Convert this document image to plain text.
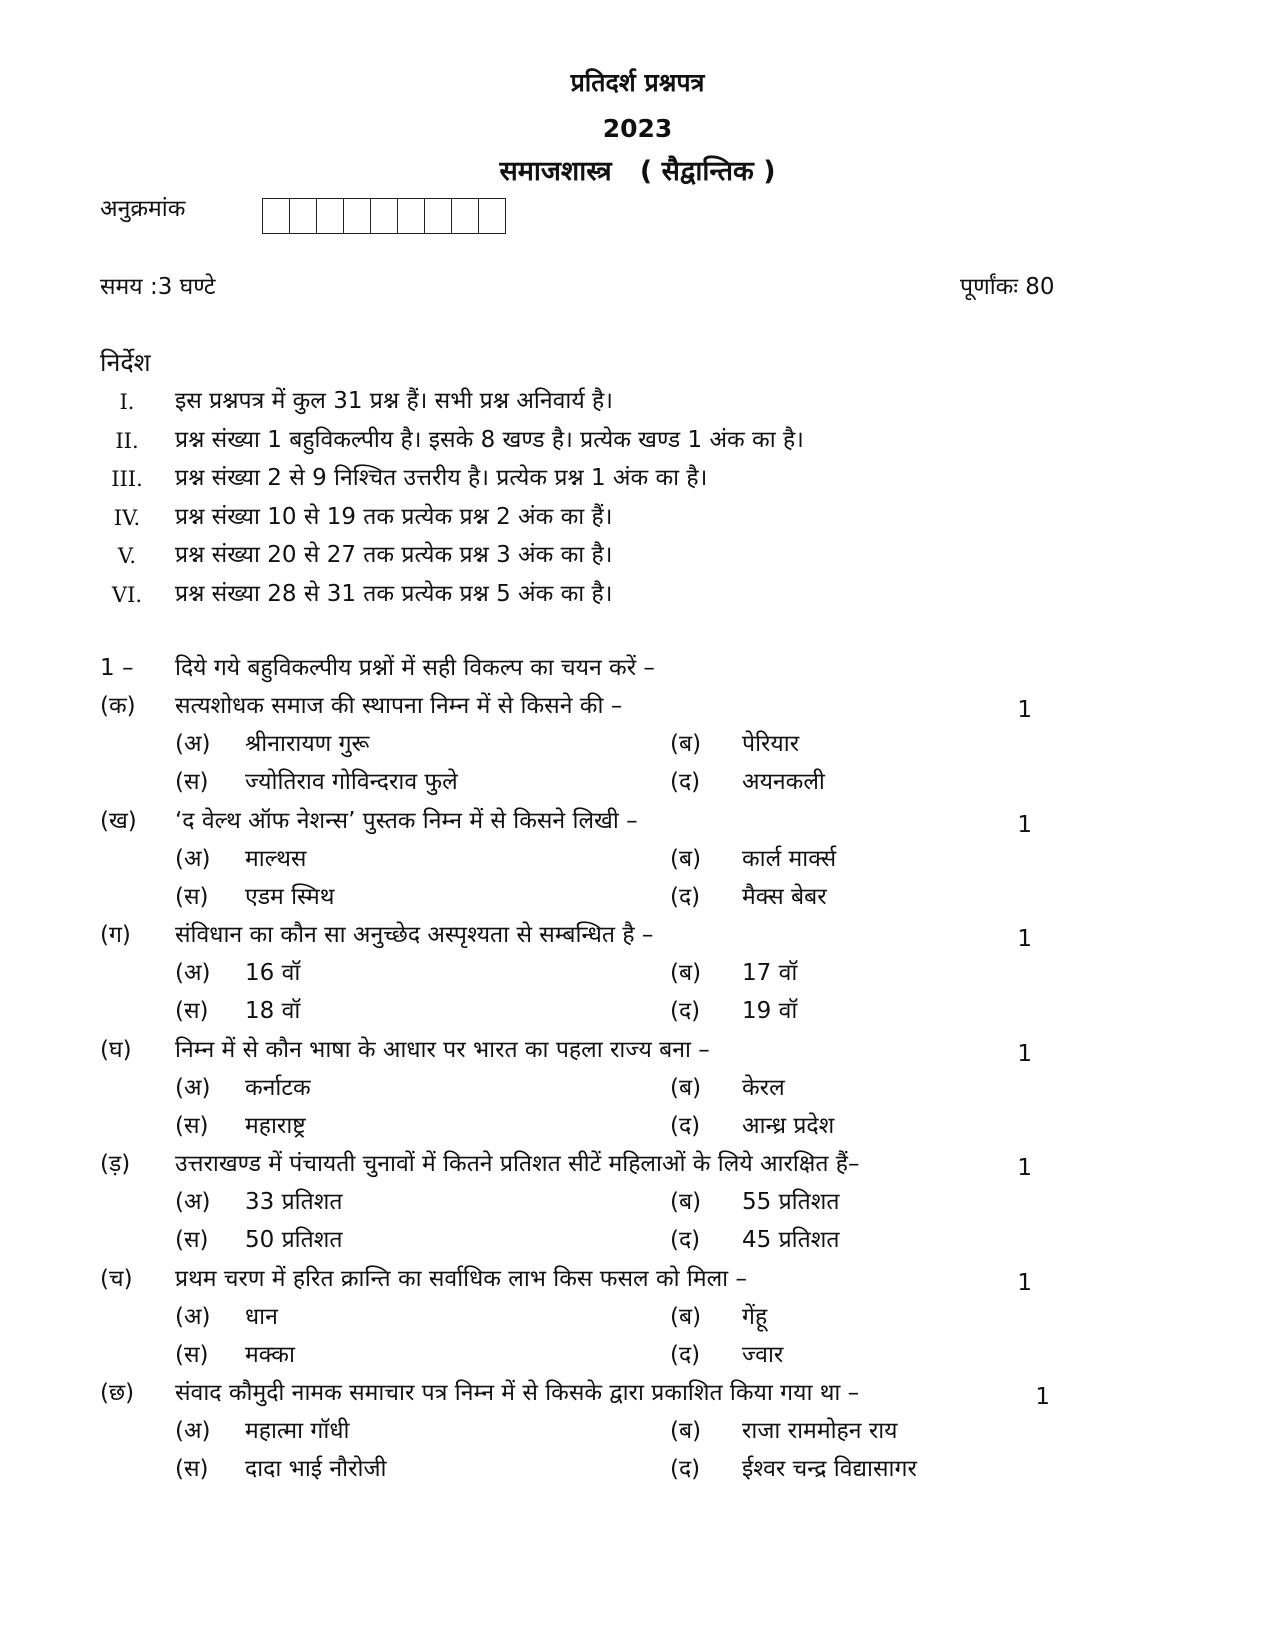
प्रतिदर्श प्रश्नपत्र
2023
समाजशास्त्र ( सैद्वान्तिक )
अनुक्रमांक
समय :3 घण्टे	पूर्णांकः 80
निर्देश
I.	इस प्रश्नपत्र में कुल 31 प्रश्न हैं। सभी प्रश्न अनिवार्य है।
II.	प्रश्न संख्या 1 बहुविकल्पीय है। इसके 8 खण्ड है। प्रत्येक खण्ड 1 अंक का है।
III.	प्रश्न संख्या 2 से 9 निश्चित उत्तरीय है। प्रत्येक प्रश्न 1 अंक का है।
IV.	प्रश्न संख्या 10 से 19 तक प्रत्येक प्रश्न 2 अंक का हैं।
V.	प्रश्न संख्या 20 से 27 तक प्रत्येक प्रश्न 3 अंक का है।
VI.	प्रश्न संख्या 28 से 31 तक प्रत्येक प्रश्न 5 अंक का है।
1 – दिये गये बहुविकल्पीय प्रश्नों में सही विकल्प का चयन करें –
(क) सत्यशोधक समाज की स्थापना निम्न में से किसने की –	1
(अ) श्रीनारायण गुरू	(ब) पेरियार
(स) ज्योतिराव गोविन्दराव फुले	(द) अयनकली
(ख) ‘द वेल्थ ऑफ नेशन्स’ पुस्तक निम्न में से किसने लिखी –	1
(अ) माल्थस	(ब) कार्ल मार्क्स
(स) एडम स्मिथ	(द) मैक्स बेबर
(ग) संविधान का कौन सा अनुच्छेद अस्पृश्यता से सम्बन्धित है –	1
(अ) 16 वॉ	(ब) 17 वॉ
(स) 18 वॉ	(द) 19 वॉ
(घ) निम्न में से कौन भाषा के आधार पर भारत का पहला राज्य बना –	1
(अ) कर्नाटक	(ब) केरल
(स) महाराष्ट्र	(द) आन्ध्र प्रदेश
(ड़) उत्तराखण्ड में पंचायती चुनावों में कितने प्रतिशत सीटें महिलाओं के लिये आरक्षित हैं–	1
(अ) 33 प्रतिशत	(ब) 55 प्रतिशत
(स) 50 प्रतिशत	(द) 45 प्रतिशत
(च) प्रथम चरण में हरित क्रान्ति का सर्वाधिक लाभ किस फसल को मिला –	1
(अ) धान	(ब) गेंहू
(स) मक्का	(द) ज्वार
(छ) संवाद कौमुदी नामक समाचार पत्र निम्न में से किसके द्वारा प्रकाशित किया गया था –	1
(अ) महात्मा गॉधी	(ब) राजा राममोहन राय
(स) दादा भाई नौरोजी	(द) ईश्वर चन्द्र विद्यासागर
